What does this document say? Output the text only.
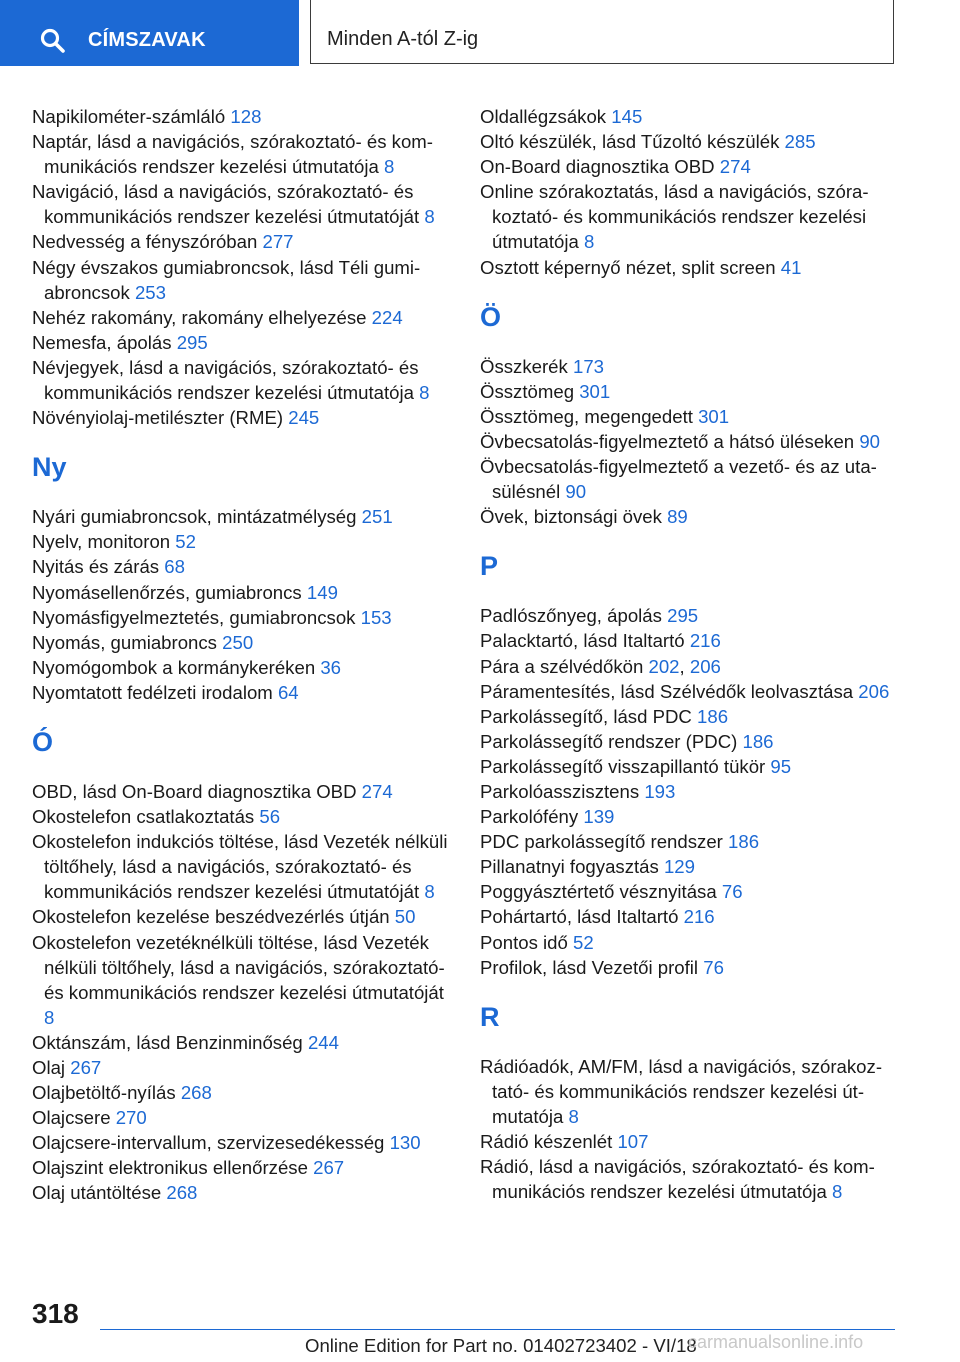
CÍMSZAVAK	Minden A-tól Z-ig
Napikilométer-számláló 128
Naptár, lásd a navigációs, szórakoztató- és kommunikációs rendszer kezelési útmutatója 8
Navigáció, lásd a navigációs, szórakoztató- és kommunikációs rendszer kezelési útmutatóját 8
Nedvesség a fényszóróban 277
Négy évszakos gumiabroncsok, lásd Téli gumiabroncsok 253
Nehéz rakomány, rakomány elhelyezése 224
Nemesfa, ápolás 295
Névjegyek, lásd a navigációs, szórakoztató- és kommunikációs rendszer kezelési útmutatója 8
Növényiolaj-metilészter (RME) 245
Ny
Nyári gumiabroncsok, mintázatmélység 251
Nyelv, monitoron 52
Nyitás és zárás 68
Nyomásellenőrzés, gumiabroncs 149
Nyomásfigyelmeztetés, gumiabroncsok 153
Nyomás, gumiabroncs 250
Nyomógombok a kormánykeréken 36
Nyomtatott fedélzeti irodalom 64
Ó
OBD, lásd On-Board diagnosztika OBD 274
Okostelefon csatlakoztatás 56
Okostelefon indukciós töltése, lásd Vezeték nélküli töltőhely, lásd a navigációs, szórakoztató- és kommunikációs rendszer kezelési útmutatóját 8
Okostelefon kezelése beszédvezérlés útján 50
Okostelefon vezetéknélküli töltése, lásd Vezeték nélküli töltőhely, lásd a navigációs, szórakoztató- és kommunikációs rendszer kezelési útmutatóját 8
Oktánszám, lásd Benzinminőség 244
Olaj 267
Olajbetöltő-nyílás 268
Olajcsere 270
Olajcsere-intervallum, szervizesedékesség 130
Olajszint elektronikus ellenőrzése 267
Olaj utántöltése 268
Oldallégzsákok 145
Oltó készülék, lásd Tűzoltó készülék 285
On-Board diagnosztika OBD 274
Online szórakoztatás, lásd a navigációs, szórakoztató- és kommunikációs rendszer kezelési útmutatója 8
Osztott képernyő nézet, split screen 41
Ö
Összkerék 173
Össztömeg 301
Össztömeg, megengedett 301
Övbecsatolás-figyelmeztető a hátsó üléseken 90
Övbecsatolás-figyelmeztető a vezető- és az utasülésnél 90
Övek, biztonsági övek 89
P
Padlószőnyeg, ápolás 295
Palacktartó, lásd Italtartó 216
Pára a szélvédőkön 202, 206
Páramentesítés, lásd Szélvédők leolvasztása 206
Parkolássegítő, lásd PDC 186
Parkolássegítő rendszer (PDC) 186
Parkolássegítő visszapillantó tükör 95
Parkolóasszisztens 193
Parkolófény 139
PDC parkolássegítő rendszer 186
Pillanatnyi fogyasztás 129
Poggyásztértető vésznyitása 76
Pohártartó, lásd Italtartó 216
Pontos idő 52
Profilok, lásd Vezetői profil 76
R
Rádióadók, AM/FM, lásd a navigációs, szórakoztató- és kommunikációs rendszer kezelési útmutatója 8
Rádió készenlét 107
Rádió, lásd a navigációs, szórakoztató- és kommunikációs rendszer kezelési útmutatója 8
318
Online Edition for Part no. 01402723402 - VI/18
carmanualsonline.info
